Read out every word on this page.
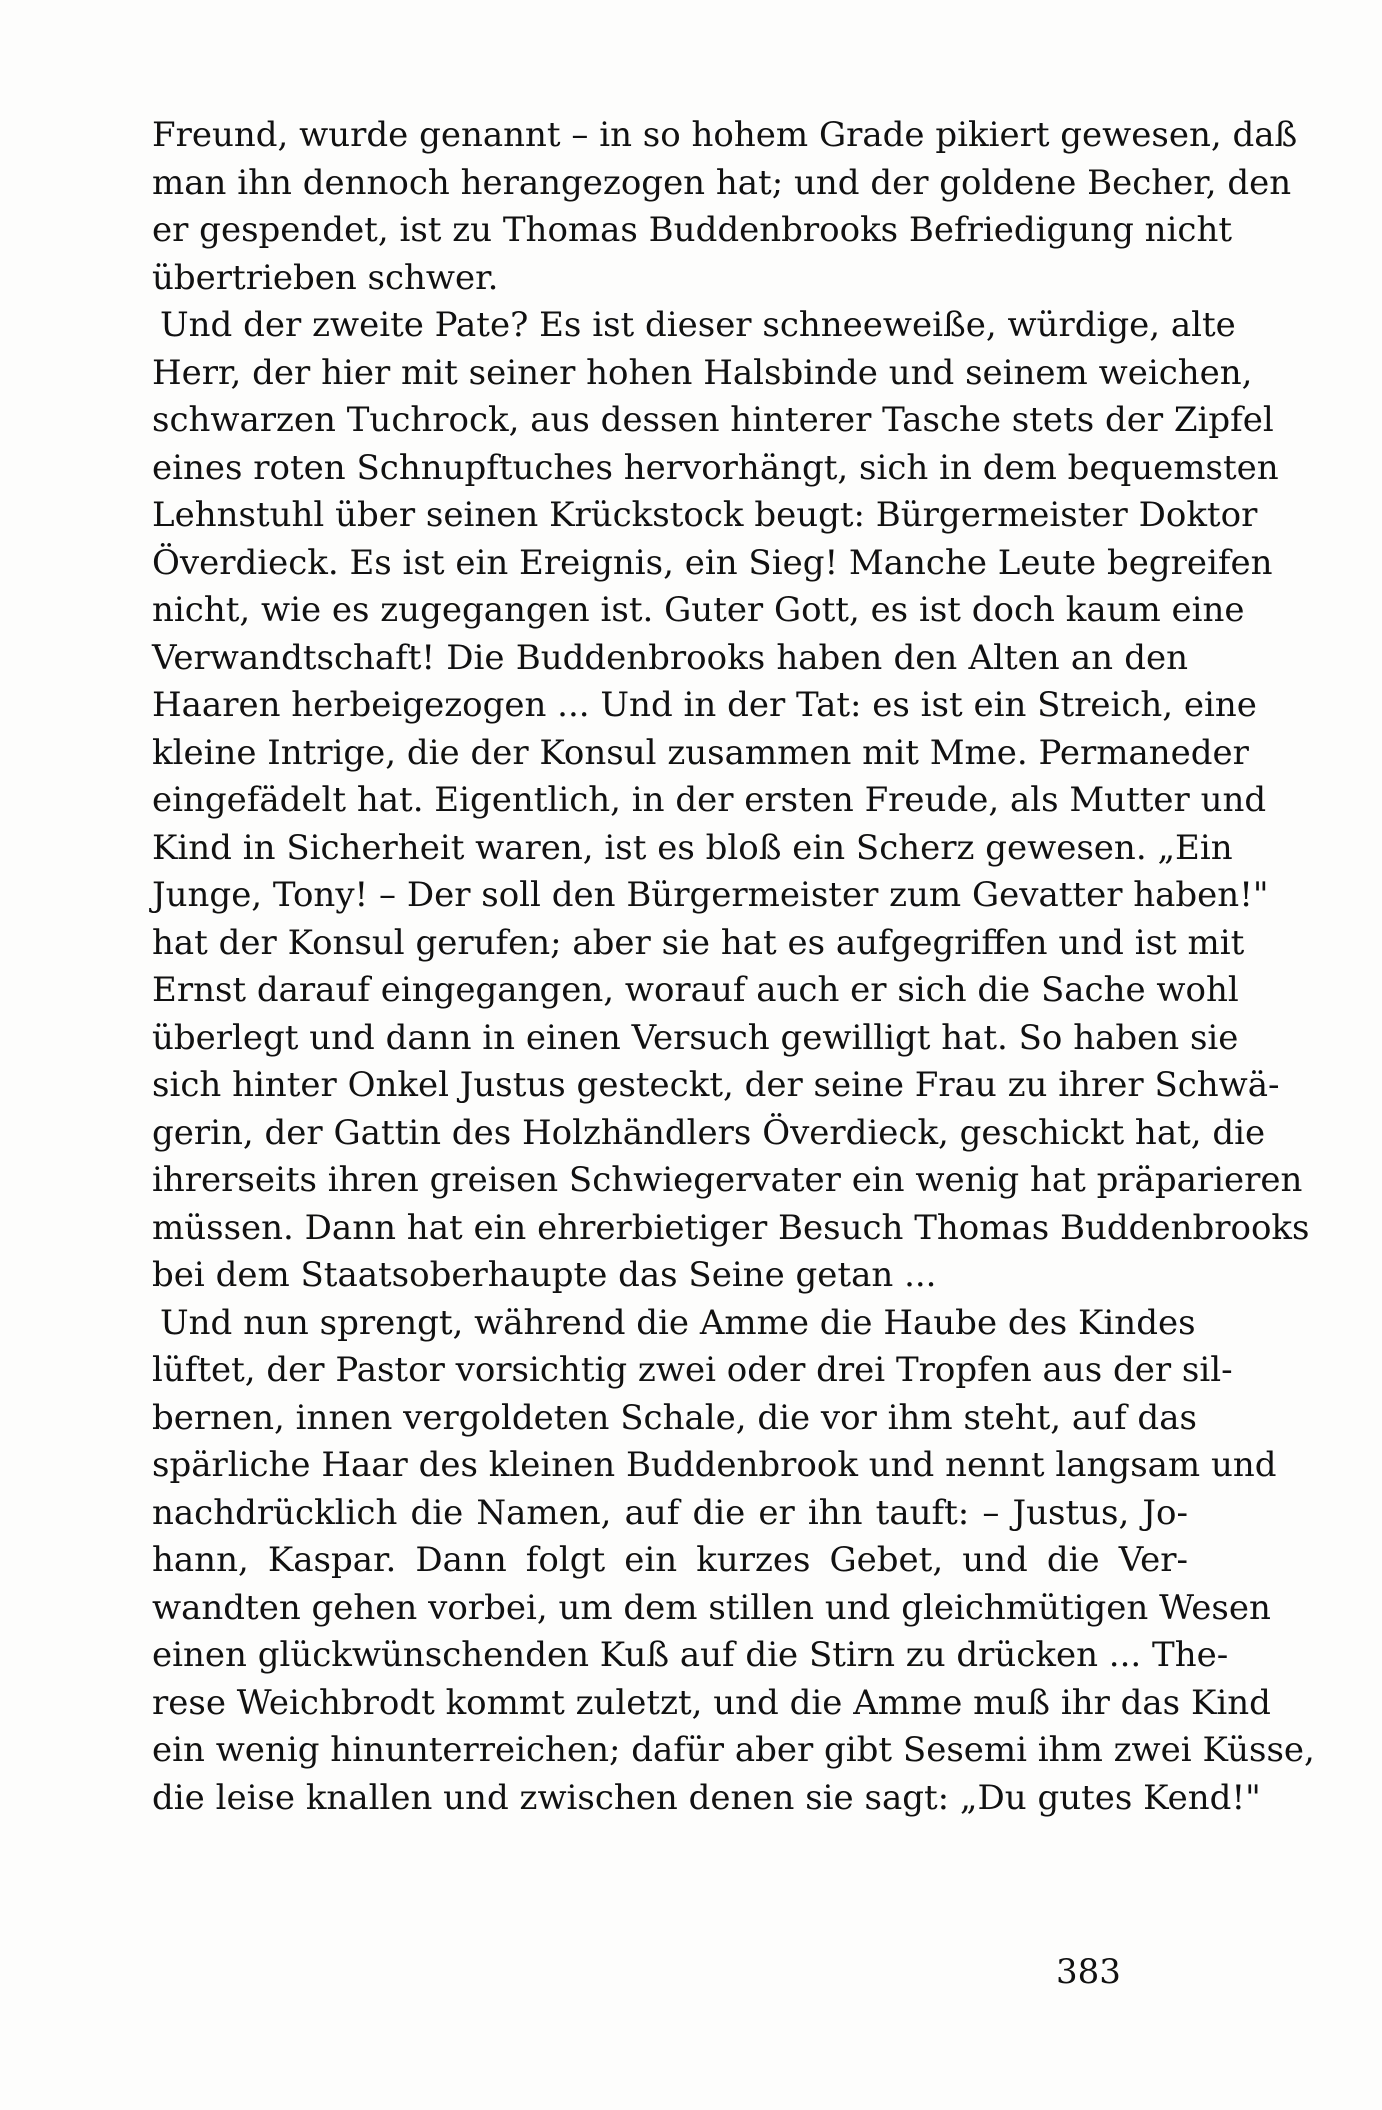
Freund, wurde genannt – in so hohem Grade pikiert gewesen, daß
man ihn dennoch herangezogen hat; und der goldene Becher, den
er gespendet, ist zu Thomas Buddenbrooks Befriedigung nicht
übertrieben schwer.
Und der zweite Pate? Es ist dieser schneeweiße, würdige, alte
Herr, der hier mit seiner hohen Halsbinde und seinem weichen,
schwarzen Tuchrock, aus dessen hinterer Tasche stets der Zipfel
eines roten Schnupftuches hervorhängt, sich in dem bequemsten
Lehnstuhl über seinen Krückstock beugt: Bürgermeister Doktor
Överdieck. Es ist ein Ereignis, ein Sieg! Manche Leute begreifen
nicht, wie es zugegangen ist. Guter Gott, es ist doch kaum eine
Verwandtschaft! Die Buddenbrooks haben den Alten an den
Haaren herbeigezogen ... Und in der Tat: es ist ein Streich, eine
kleine Intrige, die der Konsul zusammen mit Mme. Permaneder
eingefädelt hat. Eigentlich, in der ersten Freude, als Mutter und
Kind in Sicherheit waren, ist es bloß ein Scherz gewesen. „Ein
Junge, Tony! – Der soll den Bürgermeister zum Gevatter haben!"
hat der Konsul gerufen; aber sie hat es aufgegriffen und ist mit
Ernst darauf eingegangen, worauf auch er sich die Sache wohl
überlegt und dann in einen Versuch gewilligt hat. So haben sie
sich hinter Onkel Justus gesteckt, der seine Frau zu ihrer Schwä-
gerin, der Gattin des Holzhändlers Överdieck, geschickt hat, die
ihrerseits ihren greisen Schwiegervater ein wenig hat präparieren
müssen. Dann hat ein ehrerbietiger Besuch Thomas Buddenbrooks
bei dem Staatsoberhaupte das Seine getan ...
Und nun sprengt, während die Amme die Haube des Kindes
lüftet, der Pastor vorsichtig zwei oder drei Tropfen aus der sil-
bernen, innen vergoldeten Schale, die vor ihm steht, auf das
spärliche Haar des kleinen Buddenbrook und nennt langsam und
nachdrücklich die Namen, auf die er ihn tauft: – Justus, Jo-
hann, Kaspar. Dann folgt ein kurzes Gebet, und die Ver-
wandten gehen vorbei, um dem stillen und gleichmütigen Wesen
einen glückwünschenden Kuß auf die Stirn zu drücken ... The-
rese Weichbrodt kommt zuletzt, und die Amme muß ihr das Kind
ein wenig hinunterreichen; dafür aber gibt Sesemi ihm zwei Küsse,
die leise knallen und zwischen denen sie sagt: „Du gutes Kend!"
383
